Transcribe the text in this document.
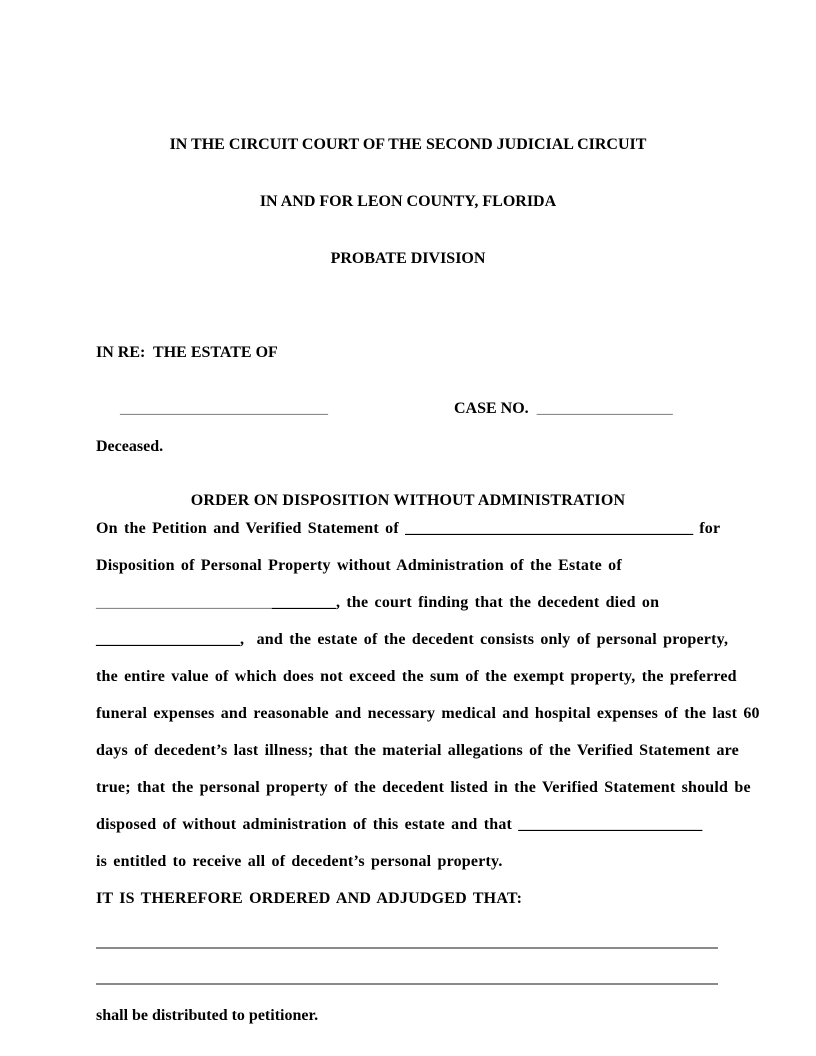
IN THE CIRCUIT COURT OF THE SECOND JUDICIAL CIRCUIT

IN AND FOR LEON COUNTY, FLORIDA

PROBATE DIVISION

IN RE:  THE ESTATE OF

__________________________	CASE NO. _________________

Deceased.
ORDER ON DISPOSITION WITHOUT ADMINISTRATION
On the Petition and Verified Statement of ____________________________________ for
Disposition of Personal Property without Administration of the Estate of
______________________________, the court finding that the decedent died on
__________________,  and the estate of the decedent consists only of personal property,
the entire value of which does not exceed the sum of the exempt property, the preferred
funeral expenses and reasonable and necessary medical and hospital expenses of the last 60
days of decedent’s last illness; that the material allegations of the Verified Statement are
true; that the personal property of the decedent listed in the Verified Statement should be
disposed of without administration of this estate and that _______________________
is entitled to receive all of decedent’s personal property.
IT IS THEREFORE ORDERED AND ADJUDGED THAT:
shall be distributed to petitioner.
